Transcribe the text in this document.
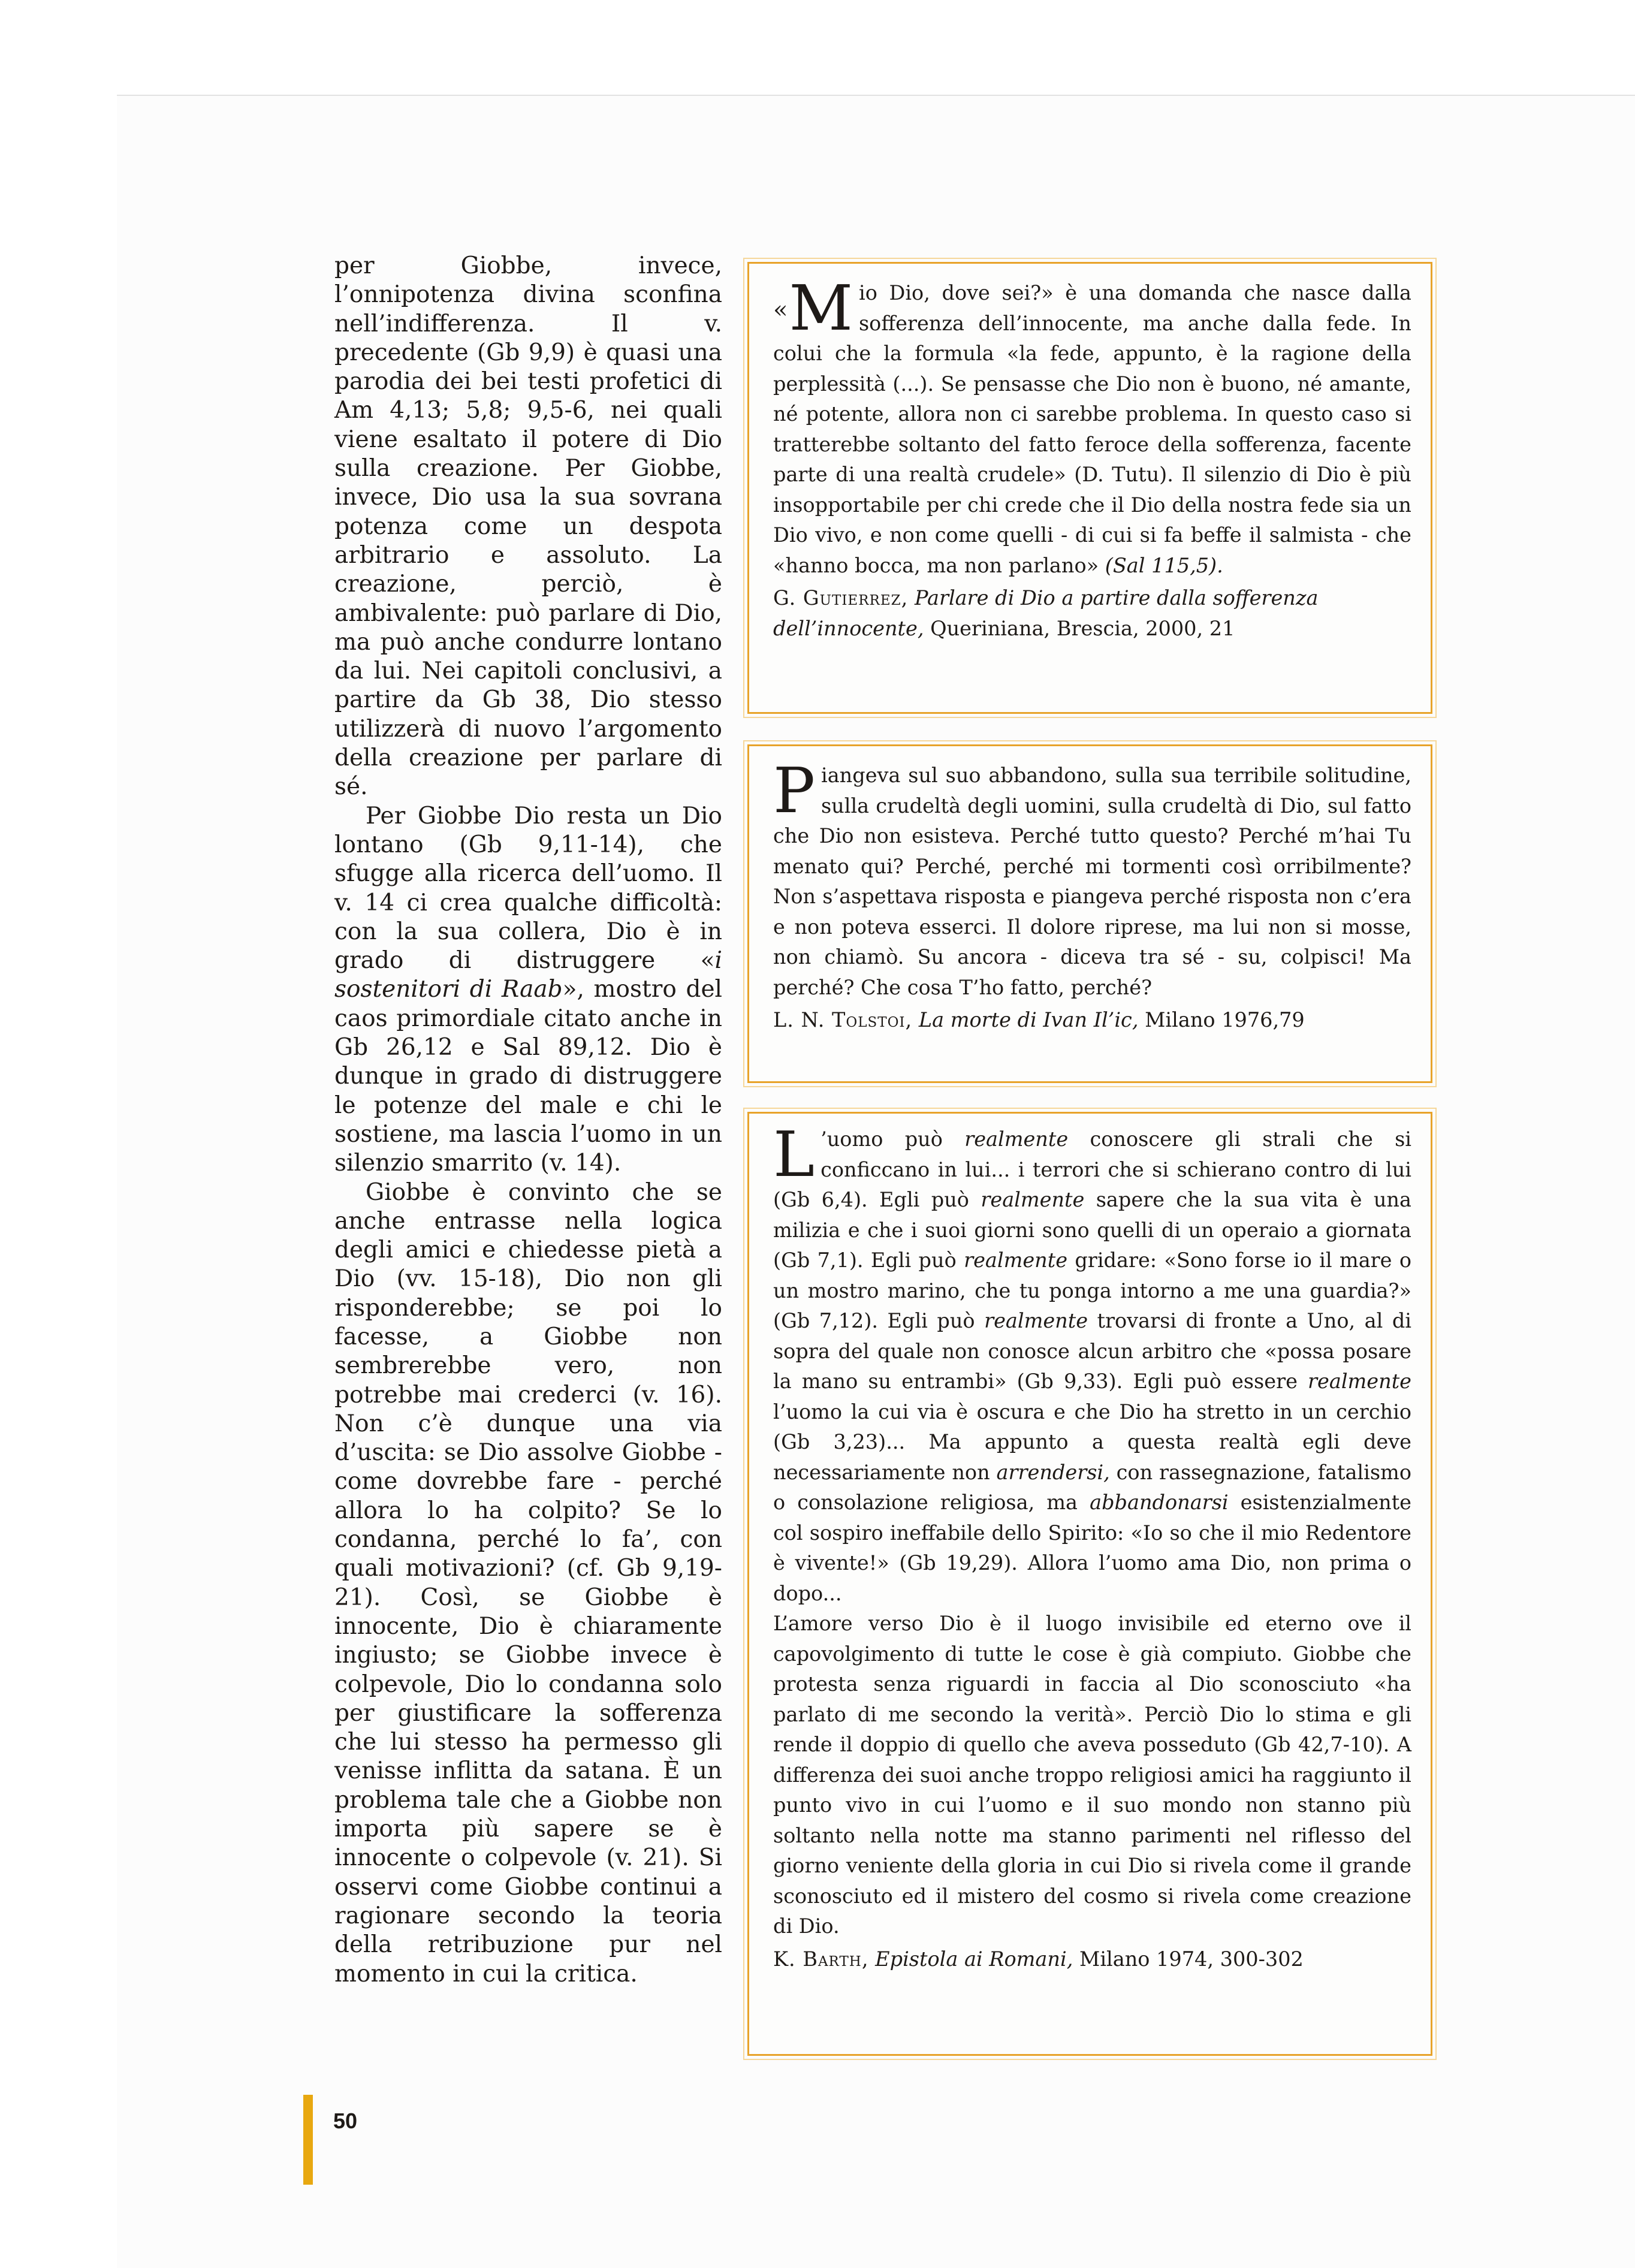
per Giobbe, invece, l’onnipotenza divina sconfina nell’indifferenza. Il v. precedente (Gb 9,9) è quasi una parodia dei bei testi profetici di Am 4,13; 5,8; 9,5-6, nei quali viene esaltato il potere di Dio sulla creazione. Per Giobbe, invece, Dio usa la sua sovrana potenza come un despota arbitrario e assoluto. La creazione, perciò, è ambivalente: può parlare di Dio, ma può anche condurre lontano da lui. Nei capitoli conclusivi, a partire da Gb 38, Dio stesso utilizzerà di nuovo l’argomento della creazione per parlare di sé.

Per Giobbe Dio resta un Dio lontano (Gb 9,11-14), che sfugge alla ricerca dell’uomo. Il v. 14 ci crea qualche difficoltà: con la sua collera, Dio è in grado di distruggere «i sostenitori di Raab», mostro del caos primordiale citato anche in Gb 26,12 e Sal 89,12. Dio è dunque in grado di distruggere le potenze del male e chi le sostiene, ma lascia l’uomo in un silenzio smarrito (v. 14).

Giobbe è convinto che se anche entrasse nella logica degli amici e chiedesse pietà a Dio (vv. 15-18), Dio non gli risponderebbe; se poi lo facesse, a Giobbe non sembrerebbe vero, non potrebbe mai crederci (v. 16). Non c’è dunque una via d’uscita: se Dio assolve Giobbe - come dovrebbe fare - perché allora lo ha colpito? Se lo condanna, perché lo fa’, con quali motivazioni? (cf. Gb 9,19-21). Così, se Giobbe è innocente, Dio è chiaramente ingiusto; se Giobbe invece è colpevole, Dio lo condanna solo per giustificare la sofferenza che lui stesso ha permesso gli venisse inflitta da satana. È un problema tale che a Giobbe non importa più sapere se è innocente o colpevole (v. 21). Si osservi come Giobbe continui a ragionare secondo la teoria della retribuzione pur nel momento in cui la critica.

«M io Dio, dove sei?» è una domanda che nasce dalla sofferenza dell’innocente, ma anche dalla fede. In colui che la formula «la fede, appunto, è la ragione della perplessità (...). Se pensasse che Dio non è buono, né amante, né potente, allora non ci sarebbe problema. In questo caso si tratterebbe soltanto del fatto feroce della sofferenza, facente parte di una realtà crudele» (D. Tutu). Il silenzio di Dio è più insopportabile per chi crede che il Dio della nostra fede sia un Dio vivo, e non come quelli - di cui si fa beffe il salmista - che «hanno bocca, ma non parlano» (Sal 115,5).

G. Gutierrez, Parlare di Dio a partire dalla sofferenza dell’innocente, Queriniana, Brescia, 2000, 21

Piangeva sul suo abbandono, sulla sua terribile solitudine, sulla crudeltà degli uomini, sulla crudeltà di Dio, sul fatto che Dio non esisteva. Perché tutto questo? Perché m’hai Tu menato qui? Perché, perché mi tormenti così orribilmente? Non s’aspettava risposta e piangeva perché risposta non c’era e non poteva esserci. Il dolore riprese, ma lui non si mosse, non chiamò. Su ancora - diceva tra sé - su, colpisci! Ma perché? Che cosa T’ho fatto, perché?

L. N. Tolstoi, La morte di Ivan Il’ic, Milano 1976,79

L ’uomo può realmente conoscere gli strali che si conficcano in lui... i terrori che si schierano contro di lui (Gb 6,4). Egli può realmente sapere che la sua vita è una milizia e che i suoi giorni sono quelli di un operaio a giornata (Gb 7,1). Egli può realmente gridare: «Sono forse io il mare o un mostro marino, che tu ponga intorno a me una guardia?» (Gb 7,12). Egli può realmente trovarsi di fronte a Uno, al di sopra del quale non conosce alcun arbitro che «possa posare la mano su entrambi» (Gb 9,33). Egli può essere realmente l’uomo la cui via è oscura e che Dio ha stretto in un cerchio (Gb 3,23)... Ma appunto a questa realtà egli deve necessariamente non arrendersi, con rassegnazione, fatalismo o consolazione religiosa, ma abbandonarsi esistenzialmente col sospiro ineffabile dello Spirito: «Io so che il mio Redentore è vivente!» (Gb 19,29). Allora l’uomo ama Dio, non prima o dopo...

L’amore verso Dio è il luogo invisibile ed eterno ove il capovolgimento di tutte le cose è già compiuto. Giobbe che protesta senza riguardi in faccia al Dio sconosciuto «ha parlato di me secondo la verità». Perciò Dio lo stima e gli rende il doppio di quello che aveva posseduto (Gb 42,7-10). A differenza dei suoi anche troppo religiosi amici ha raggiunto il punto vivo in cui l’uomo e il suo mondo non stanno più soltanto nella notte ma stanno parimenti nel riflesso del giorno veniente della gloria in cui Dio si rivela come il grande sconosciuto ed il mistero del cosmo si rivela come creazione di Dio.

K. Barth, Epistola ai Romani, Milano 1974, 300-302

50
